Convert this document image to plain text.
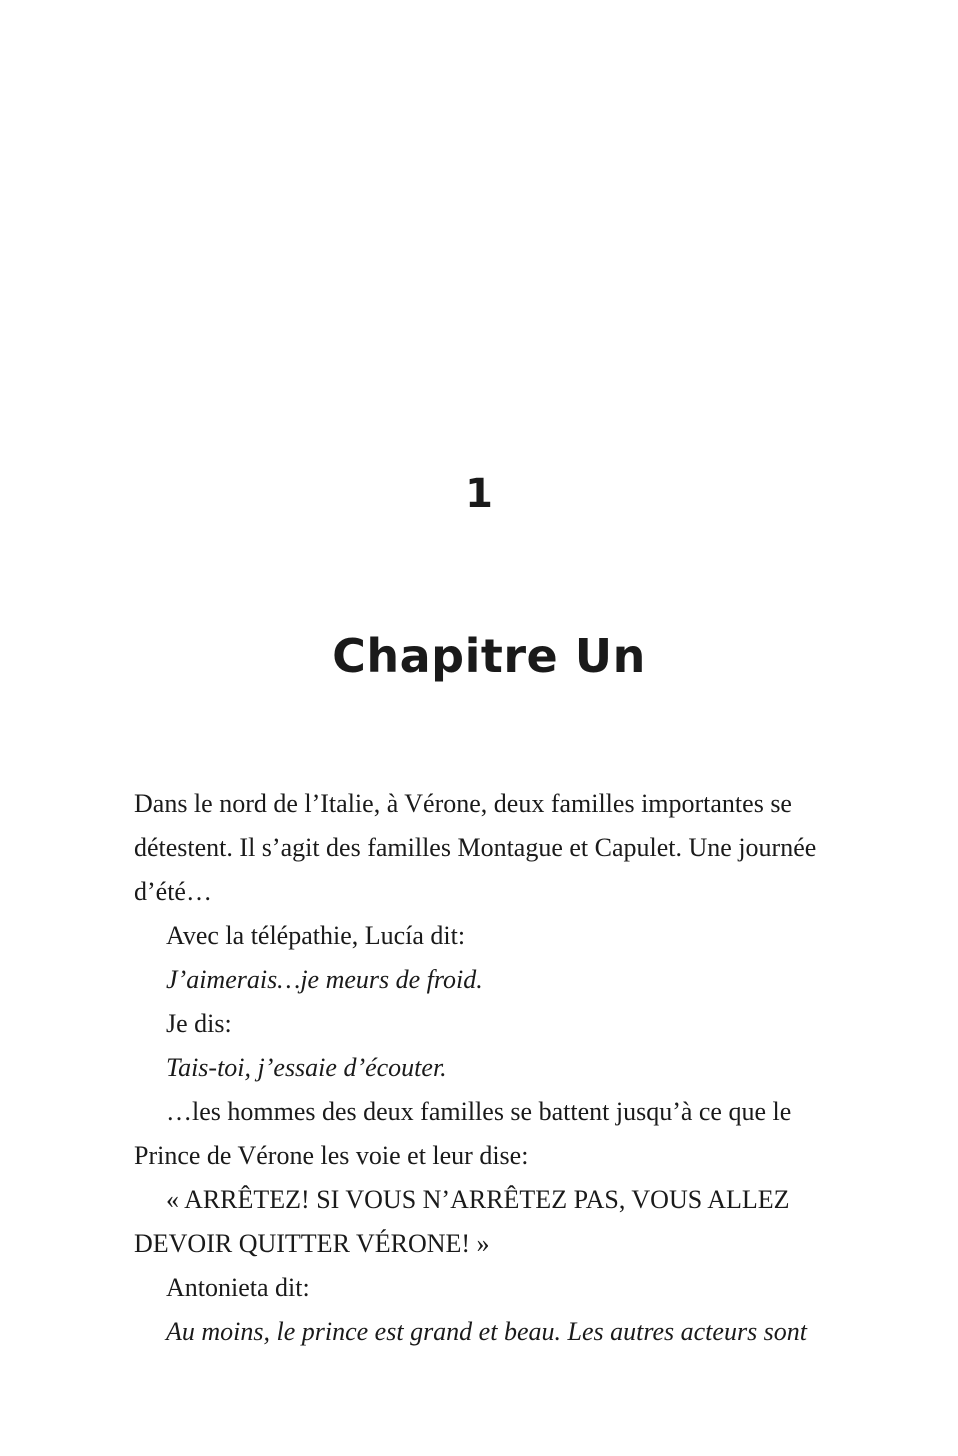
1
Chapitre Un

Dans le nord de l’Italie, à Vérone, deux familles importantes se détestent. Il s’agit des familles Montague et Capulet. Une journée d’été…

Avec la télépathie, Lucía dit:

J’aimerais…je meurs de froid.

Je dis:

Tais-toi, j’essaie d’écouter.

…les hommes des deux familles se battent jusqu’à ce que le Prince de Vérone les voie et leur dise:

« ARRÊTEZ! SI VOUS N’ARRÊTEZ PAS, VOUS ALLEZ DEVOIR QUITTER VÉRONE! »

Antonieta dit:

Au moins, le prince est grand et beau. Les autres acteurs sont
